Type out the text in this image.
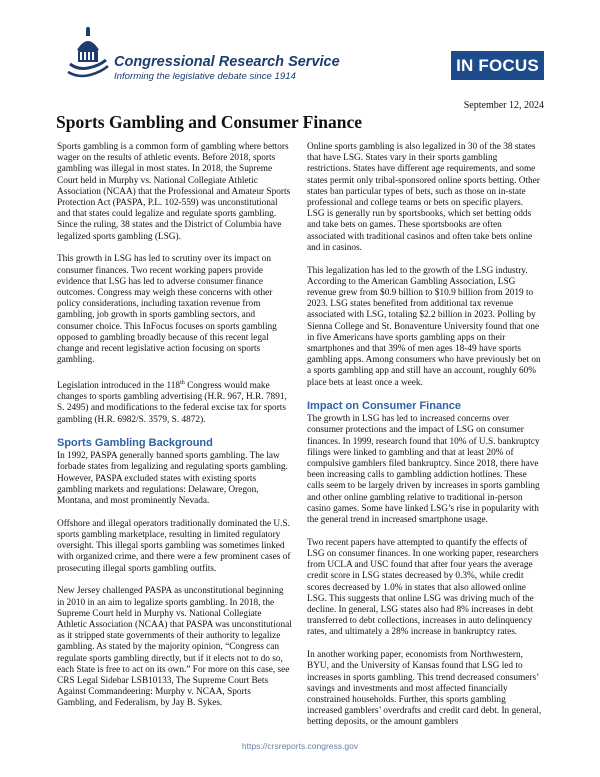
Congressional Research Service
Informing the legislative debate since 1914
IN FOCUS
September 12, 2024
Sports Gambling and Consumer Finance

Sports gambling is a common form of gambling where bettors wager on the results of athletic events. Before 2018, sports gambling was illegal in most states. In 2018, the Supreme Court held in Murphy vs. National Collegiate Athletic Association (NCAA) that the Professional and Amateur Sports Protection Act (PASPA, P.L. 102-559) was unconstitutional and that states could legalize and regulate sports gambling. Since the ruling, 38 states and the District of Columbia have legalized sports gambling (LSG).

This growth in LSG has led to scrutiny over its impact on consumer finances. Two recent working papers provide evidence that LSG has led to adverse consumer finance outcomes. Congress may weigh these concerns with other policy considerations, including taxation revenue from gambling, job growth in sports gambling sectors, and consumer choice. This InFocus focuses on sports gambling opposed to gambling broadly because of this recent legal change and recent legislative action focusing on sports gambling.

Legislation introduced in the 118th Congress would make changes to sports gambling advertising (H.R. 967, H.R. 7891, S. 2495) and modifications to the federal excise tax for sports gambling (H.R. 6982/S. 3579, S. 4872).

Sports Gambling Background

In 1992, PASPA generally banned sports gambling. The law forbade states from legalizing and regulating sports gambling. However, PASPA excluded states with existing sports gambling markets and regulations: Delaware, Oregon, Montana, and most prominently Nevada.

Offshore and illegal operators traditionally dominated the U.S. sports gambling marketplace, resulting in limited regulatory oversight. This illegal sports gambling was sometimes linked with organized crime, and there were a few prominent cases of prosecuting illegal sports gambling outfits.

New Jersey challenged PASPA as unconstitutional beginning in 2010 in an aim to legalize sports gambling. In 2018, the Supreme Court held in Murphy vs. National Collegiate Athletic Association (NCAA) that PASPA was unconstitutional as it stripped state governments of their authority to legalize gambling. As stated by the majority opinion, “Congress can regulate sports gambling directly, but if it elects not to do so, each State is free to act on its own.” For more on this case, see CRS Legal Sidebar LSB10133, The Supreme Court Bets Against Commandeering: Murphy v. NCAA, Sports Gambling, and Federalism, by Jay B. Sykes.

Online sports gambling is also legalized in 30 of the 38 states that have LSG. States vary in their sports gambling restrictions. States have different age requirements, and some states permit only tribal-sponsored online sports betting. Other states ban particular types of bets, such as those on in-state professional and college teams or bets on specific players. LSG is generally run by sportsbooks, which set betting odds and take bets on games. These sportsbooks are often associated with traditional casinos and often take bets online and in casinos.

This legalization has led to the growth of the LSG industry. According to the American Gambling Association, LSG revenue grew from $0.9 billion to $10.9 billion from 2019 to 2023. LSG states benefited from additional tax revenue associated with LSG, totaling $2.2 billion in 2023. Polling by Sienna College and St. Bonaventure University found that one in five Americans have sports gambling apps on their smartphones and that 39% of men ages 18-49 have sports gambling apps. Among consumers who have previously bet on a sports gambling app and still have an account, roughly 60% place bets at least once a week.

Impact on Consumer Finance

The growth in LSG has led to increased concerns over consumer protections and the impact of LSG on consumer finances. In 1999, research found that 10% of U.S. bankruptcy filings were linked to gambling and that at least 20% of compulsive gamblers filed bankruptcy. Since 2018, there have been increasing calls to gambling addiction hotlines. These calls seem to be largely driven by increases in sports gambling and other online gambling relative to traditional in-person casino games. Some have linked LSG’s rise in popularity with the general trend in increased smartphone usage.

Two recent papers have attempted to quantify the effects of LSG on consumer finances. In one working paper, researchers from UCLA and USC found that after four years the average credit score in LSG states decreased by 0.3%, while credit scores decreased by 1.0% in states that also allowed online LSG. This suggests that online LSG was driving much of the decline. In general, LSG states also had 8% increases in debt transferred to debt collections, increases in auto delinquency rates, and ultimately a 28% increase in bankruptcy rates.

In another working paper, economists from Northwestern, BYU, and the University of Kansas found that LSG led to increases in sports gambling. This trend decreased consumers’ savings and investments and most affected financially constrained households. Further, this sports gambling increased gamblers’ overdrafts and credit card debt. In general, betting deposits, or the amount gamblers

https://crsreports.congress.gov
